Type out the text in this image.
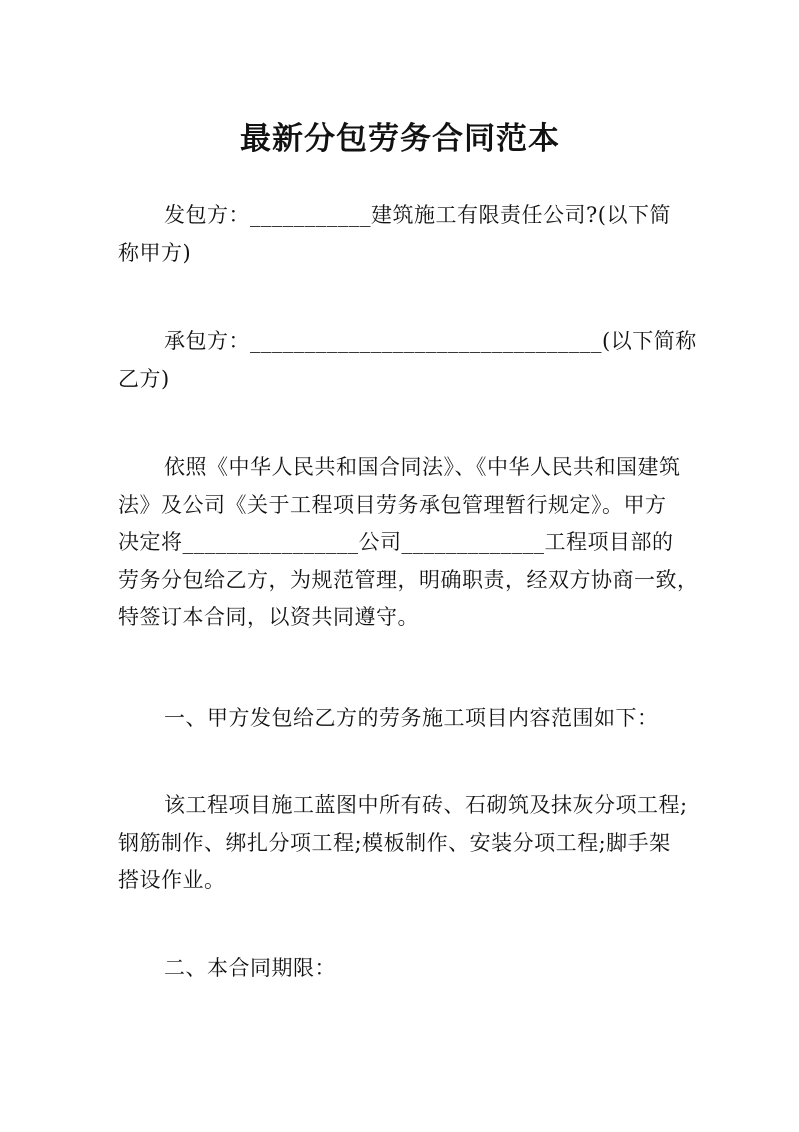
最新分包劳务合同范本

发包方：___________建筑施工有限责任公司?(以下简
称甲方)

承包方：________________________________(以下简称
乙方)

依照《中华人民共和国合同法》、《中华人民共和国建筑
法》及公司《关于工程项目劳务承包管理暂行规定》。甲方
决定将________________公司_____________工程项目部的
劳务分包给乙方，为规范管理，明确职责，经双方协商一致，
特签订本合同，以资共同遵守。

一、甲方发包给乙方的劳务施工项目内容范围如下：

该工程项目施工蓝图中所有砖、石砌筑及抹灰分项工程;
钢筋制作、绑扎分项工程;模板制作、安装分项工程;脚手架
搭设作业。

二、本合同期限：
